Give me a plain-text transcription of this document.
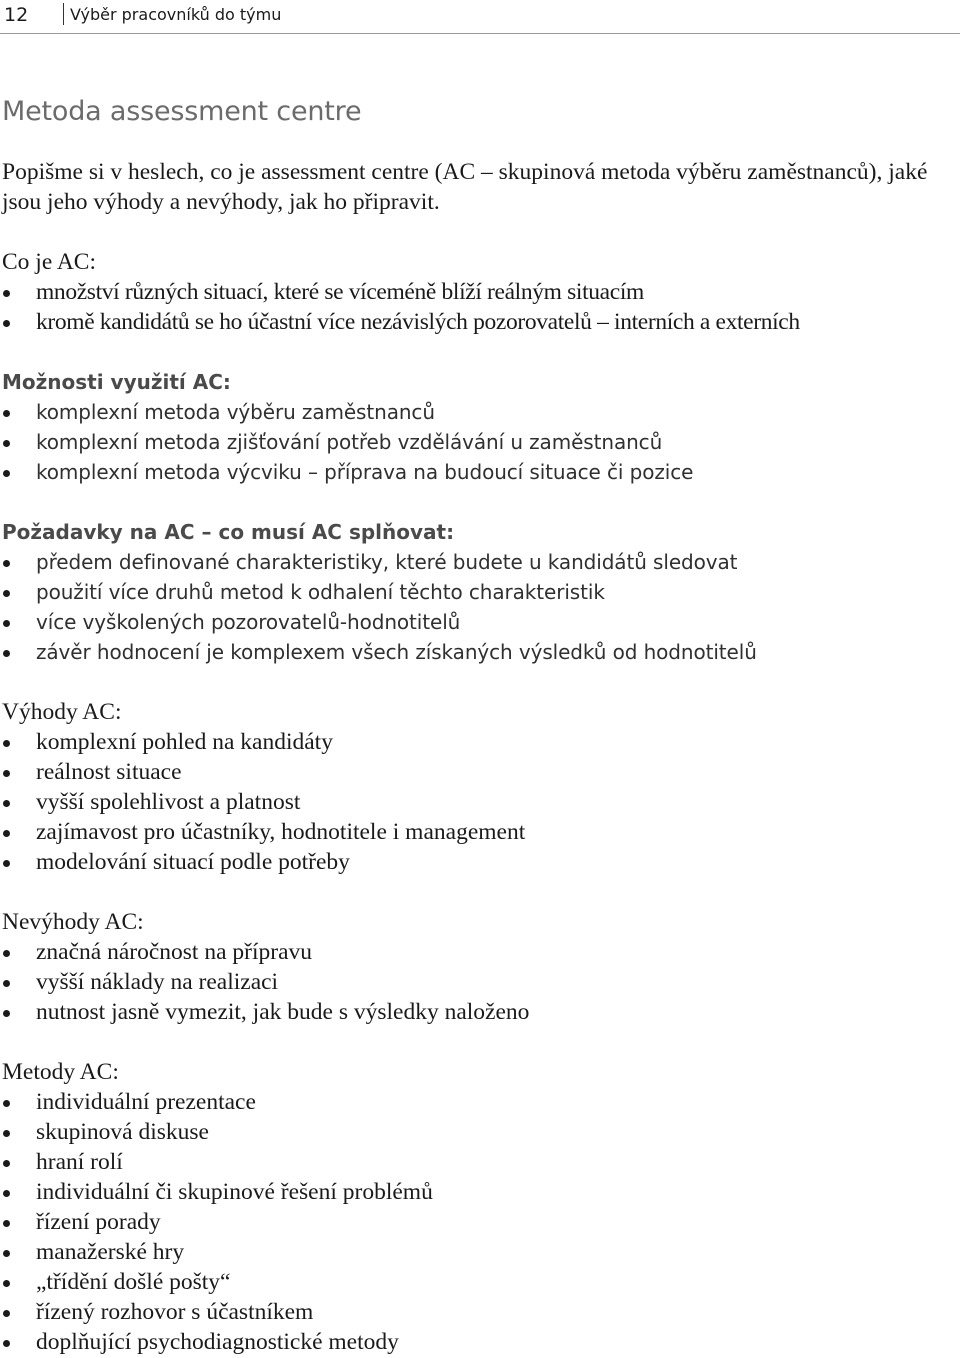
12	Výběr pracovníků do týmu
Metoda assessment centre

Popišme si v heslech, co je assessment centre (AC – skupinová metoda výběru zaměstnanců), jaké jsou jeho výhody a nevýhody, jak ho připravit.

Co je AC:
množství různých situací, které se víceméně blíží reálným situacím
kromě kandidátů se ho účastní více nezávislých pozorovatelů – interních a externích
Možnosti využití AC:
komplexní metoda výběru zaměstnanců
komplexní metoda zjišťování potřeb vzdělávání u zaměstnanců
komplexní metoda výcviku – příprava na budoucí situace či pozice
Požadavky na AC – co musí AC splňovat:
předem definované charakteristiky, které budete u kandidátů sledovat
použití více druhů metod k odhalení těchto charakteristik
více vyškolených pozorovatelů-hodnotitelů
závěr hodnocení je komplexem všech získaných výsledků od hodnotitelů
Výhody AC:
komplexní pohled na kandidáty
reálnost situace
vyšší spolehlivost a platnost
zajímavost pro účastníky, hodnotitele i management
modelování situací podle potřeby
Nevýhody AC:
značná náročnost na přípravu
vyšší náklady na realizaci
nutnost jasně vymezit, jak bude s výsledky naloženo
Metody AC:
individuální prezentace
skupinová diskuse
hraní rolí
individuální či skupinové řešení problémů
řízení porady
manažerské hry
„třídění došlé pošty“
řízený rozhovor s účastníkem
doplňující psychodiagnostické metody
